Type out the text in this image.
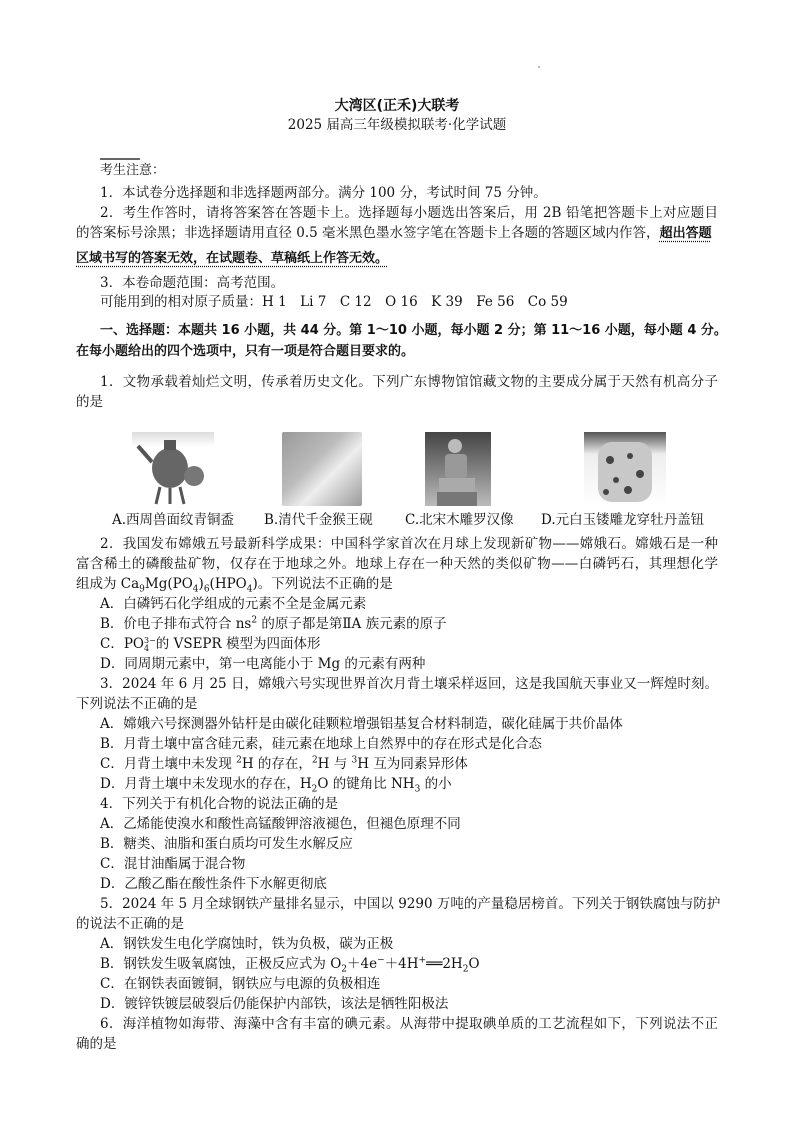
大湾区(正禾)大联考
2025 届高三年级模拟联考·化学试题
考生注意：
1．本试卷分选择题和非选择题两部分。满分 100 分，考试时间 75 分钟。
2．考生作答时，请将答案答在答题卡上。选择题每小题选出答案后，用 2B 铅笔把答题卡上对应题目
的答案标号涂黑；非选择题请用直径 0.5 毫米黑色墨水签字笔在答题卡上各题的答题区域内作答，超出答题
区域书写的答案无效，在试题卷、草稿纸上作答无效。
3．本卷命题范围：高考范围。
可能用到的相对原子质量：H 1　Li 7　C 12　O 16　K 39　Fe 56　Co 59
一、选择题：本题共 16 小题，共 44 分。第 1～10 小题，每小题 2 分；第 11～16 小题，每小题 4 分。
在每小题给出的四个选项中，只有一项是符合题目要求的。
1．文物承载着灿烂文明，传承着历史文化。下列广东博物馆馆藏文物的主要成分属于天然有机高分子
的是
A.西周兽面纹青铜盉 B.清代千金猴王砚 C.北宋木雕罗汉像 D.元白玉镂雕龙穿牡丹盖钮
2．我国发布嫦娥五号最新科学成果：中国科学家首次在月球上发现新矿物——嫦娥石。嫦娥石是一种
富含稀土的磷酸盐矿物，仅存在于地球之外。地球上存在一种天然的类似矿物——白磷钙石，其理想化学
组成为 $Ca_9Mg(PO_4)_6(HPO_4)$。下列说法不正确的是
A．白磷钙石化学组成的元素不全是金属元素
B．价电子排布式符合 $ns^2$ 的原子都是第ⅡA 族元素的原子
C．PO 3−
4 的 VSEPR 模型为四面体形
D．同周期元素中，第一电离能小于 Mg 的元素有两种
3．2024 年 6 月 25 日，嫦娥六号实现世界首次月背土壤采样返回，这是我国航天事业又一辉煌时刻。
下列说法不正确的是
A．嫦娥六号探测器外钻杆是由碳化硅颗粒增强铝基复合材料制造，碳化硅属于共价晶体
B．月背土壤中富含硅元素，硅元素在地球上自然界中的存在形式是化合态
C．月背土壤中未发现 $^2$H 的存在，$^2$H 与 $^3$H 互为同素异形体
D．月背土壤中未发现水的存在，$H_2O$ 的键角比 $NH_3$ 的小
4．下列关于有机化合物的说法正确的是
A．乙烯能使溴水和酸性高锰酸钾溶液褪色，但褪色原理不同
B．糖类、油脂和蛋白质均可发生水解反应
C．混甘油酯属于混合物
D．乙酸乙酯在酸性条件下水解更彻底
5．2024 年 5 月全球钢铁产量排名显示，中国以 9290 万吨的产量稳居榜首。下列关于钢铁腐蚀与防护
的说法不正确的是
A．钢铁发生电化学腐蚀时，铁为负极，碳为正极
B．钢铁发生吸氧腐蚀，正极反应式为 $O_2+4e^-+4H^+══2H_2O$
C．在钢铁表面镀铜，钢铁应与电源的负极相连
D．镀锌铁镀层破裂后仍能保护内部铁，该法是牺牲阳极法
6．海洋植物如海带、海藻中含有丰富的碘元素。从海带中提取碘单质的工艺流程如下，下列说法不正
确的是
